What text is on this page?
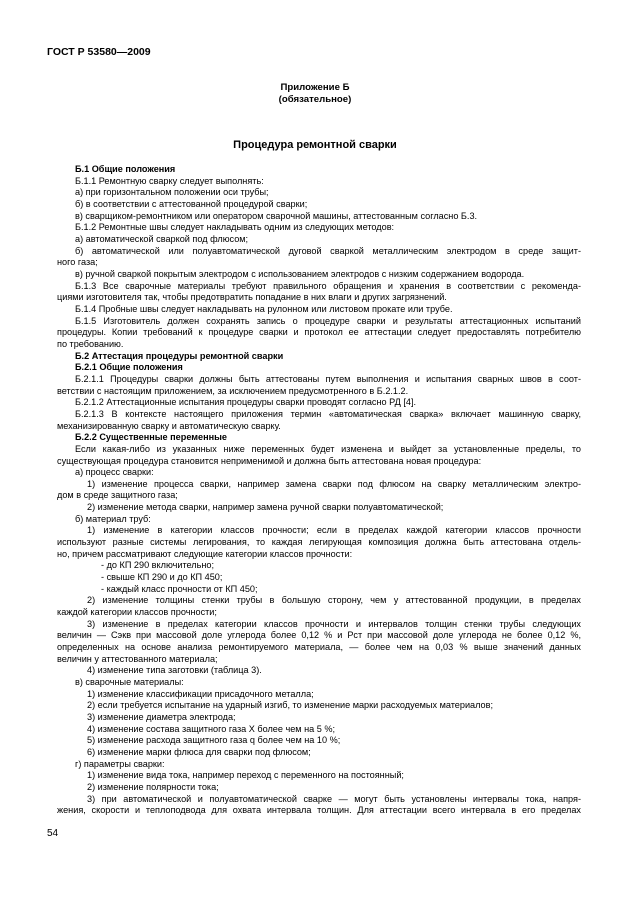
ГОСТ Р 53580—2009
Приложение Б
(обязательное)
Процедура ремонтной сварки
Б.1 Общие положения
Б.1.1 Ремонтную сварку следует выполнять:
а) при горизонтальном положении оси трубы;
б) в соответствии с аттестованной процедурой сварки;
в) сварщиком-ремонтником или оператором сварочной машины, аттестованным согласно Б.3.
Б.1.2 Ремонтные швы следует накладывать одним из следующих методов:
а) автоматической сваркой под флюсом;
б) автоматической или полуавтоматической дуговой сваркой металлическим электродом в среде защит-
ного газа;
в) ручной сваркой покрытым электродом с использованием электродов с низким содержанием водорода.
Б.1.3 Все сварочные материалы требуют правильного обращения и хранения в соответствии с рекоменда-
циями изготовителя так, чтобы предотвратить попадание в них влаги и других загрязнений.
Б.1.4 Пробные швы следует накладывать на рулонном или листовом прокате или трубе.
Б.1.5 Изготовитель должен сохранять запись о процедуре сварки и результаты аттестационных испытаний
процедуры. Копии требований к процедуре сварки и протокол ее аттестации следует предоставлять потребителю
по требованию.
Б.2 Аттестация процедуры ремонтной сварки
Б.2.1 Общие положения
Б.2.1.1 Процедуры сварки должны быть аттестованы путем выполнения и испытания сварных швов в соот-
ветствии с настоящим приложением, за исключением предусмотренного в Б.2.1.2.
Б.2.1.2 Аттестационные испытания процедуры сварки проводят согласно РД [4].
Б.2.1.3 В контексте настоящего приложения термин «автоматическая сварка» включает машинную сварку,
механизированную сварку и автоматическую сварку.
Б.2.2 Существенные переменные
Если какая-либо из указанных ниже переменных будет изменена и выйдет за установленные пределы, то
существующая процедура становится неприменимой и должна быть аттестована новая процедура:
а) процесс сварки:
1) изменение процесса сварки, например замена сварки под флюсом на сварку металлическим электро-
дом в среде защитного газа;
2) изменение метода сварки, например замена ручной сварки полуавтоматической;
б) материал труб:
1) изменение в категории классов прочности; если в пределах каждой категории классов прочности
используют разные системы легирования, то каждая легирующая композиция должна быть аттестована отдель-
но, причем рассматривают следующие категории классов прочности:
- до КП 290 включительно;
- свыше КП 290 и до КП 450;
- каждый класс прочности от КП 450;
2) изменение толщины стенки трубы в большую сторону, чем у аттестованной продукции, в пределах
каждой категории классов прочности;
3) изменение в пределах категории классов прочности и интервалов толщин стенки трубы следующих
величин — Cэкв при массовой доле углерода более 0,12 % и Pст при массовой доле углерода не более 0,12 %,
определенных на основе анализа ремонтируемого материала, — более чем на 0,03 % выше значений данных
величин у аттестованного материала;
4) изменение типа заготовки (таблица 3).
в) сварочные материалы:
1) изменение классификации присадочного металла;
2) если требуется испытание на ударный изгиб, то изменение марки расходуемых материалов;
3) изменение диаметра электрода;
4) изменение состава защитного газа X более чем на 5 %;
5) изменение расхода защитного газа q более чем на 10 %;
6) изменение марки флюса для сварки под флюсом;
г) параметры сварки:
1) изменение вида тока, например переход с переменного на постоянный;
2) изменение полярности тока;
3) при автоматической и полуавтоматической сварке — могут быть установлены интервалы тока, напря-
жения, скорости и теплоподвода для охвата интервала толщин. Для аттестации всего интервала в его пределах
54
